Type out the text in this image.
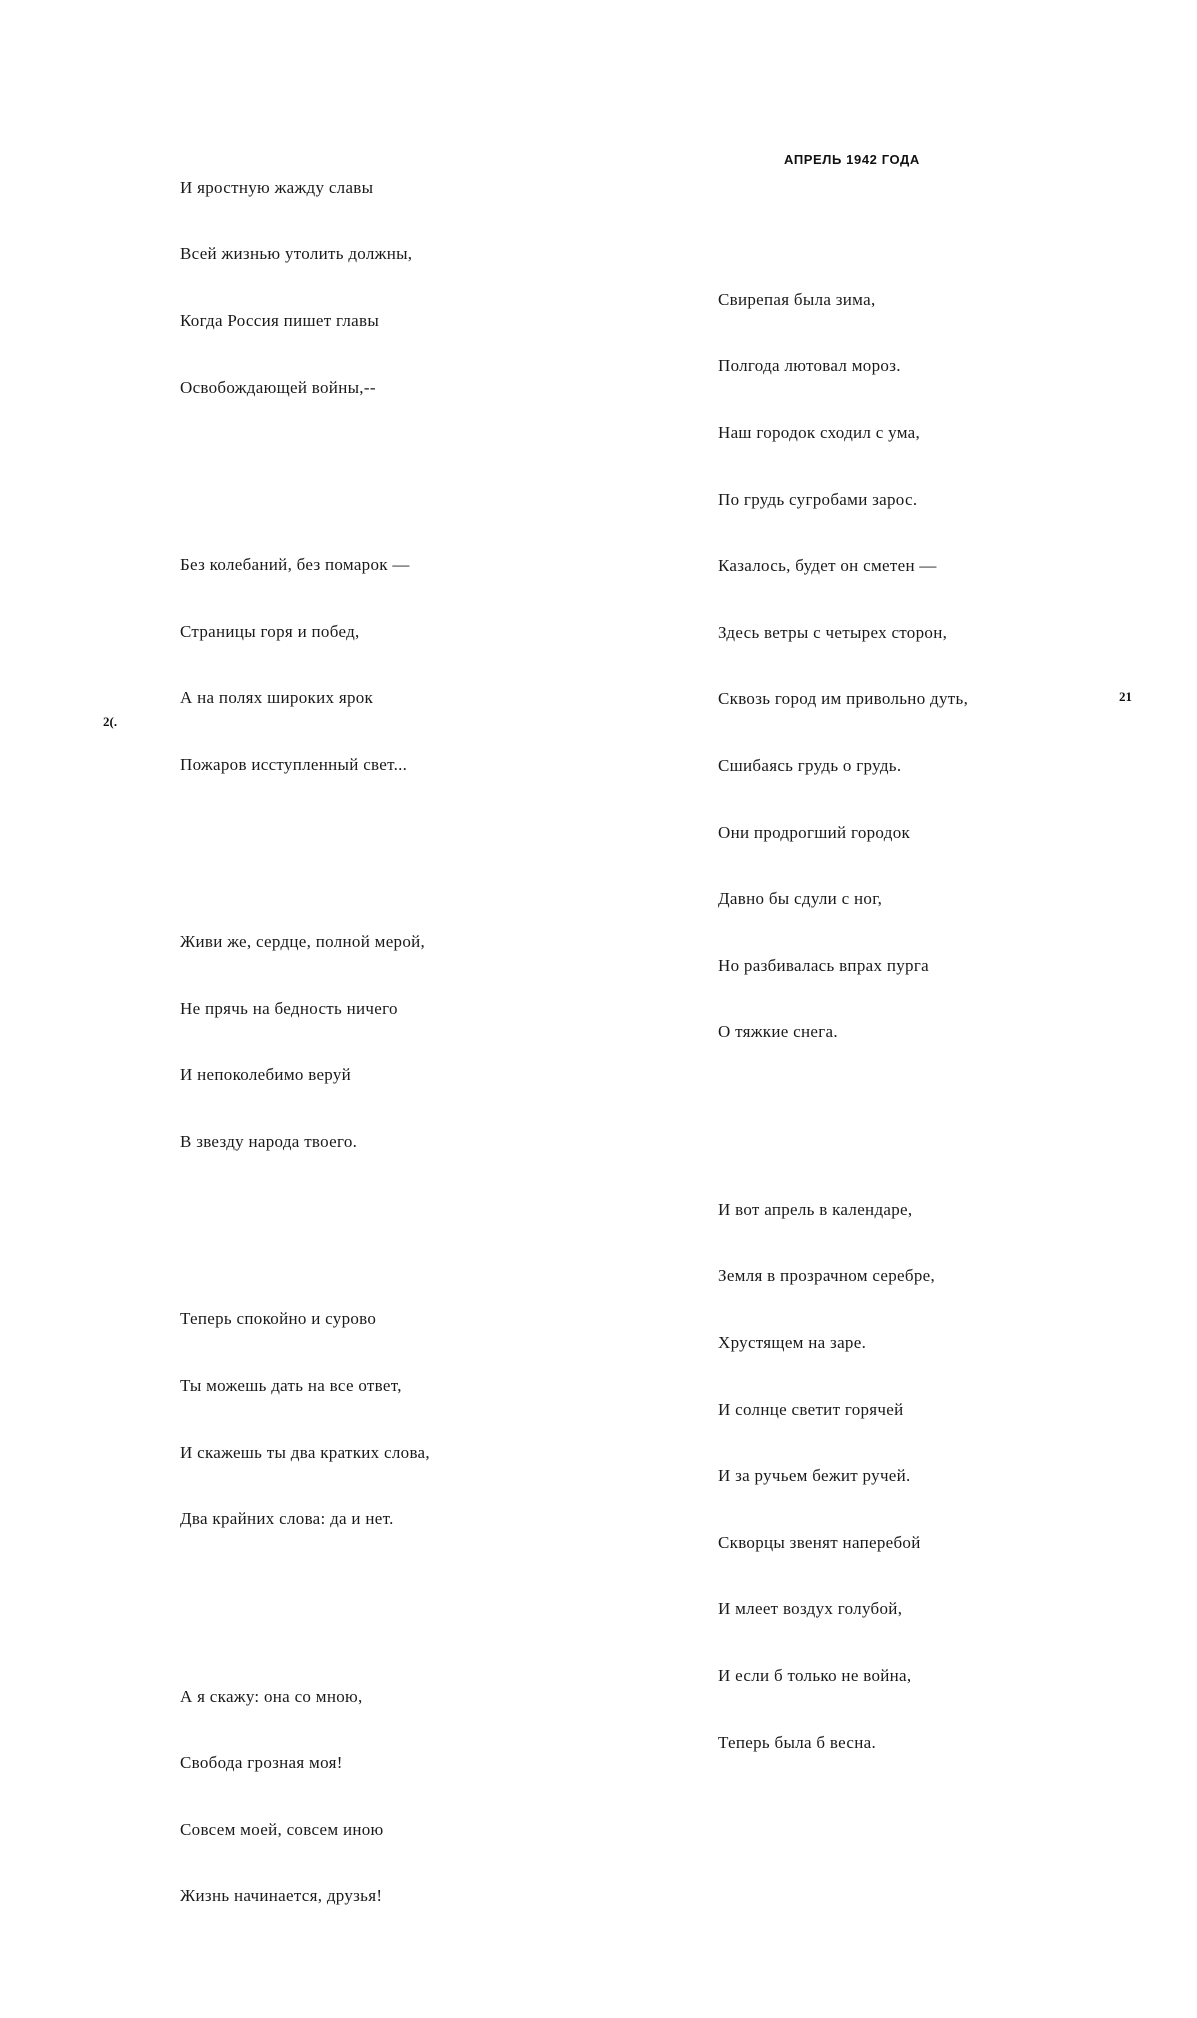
И яростную жажду славы

Всей жизнью утолить должны,

Когда Россия пишет главы

Освобождающей войны,--

Без колебаний, без помарок —

Страницы горя и побед,

А на полях широких ярок

Пожаров исступленный свет...

Живи же, сердце, полной мерой,

Не прячь на бедность ничего

И непоколебимо веруй

В звезду народа твоего.

Теперь спокойно и сурово

Ты можешь дать на все ответ,

И скажешь ты два кратких слова,

Два крайних слова: да и нет.

А я скажу: она со мною,

Свобода грозная моя!

Совсем моей, совсем иною

Жизнь начинается, друзья!

2(.
АПРЕЛЬ 1942 ГОДА

Свирепая была зима,

Полгода лютовал мороз.

Наш городок сходил с ума,

По грудь сугробами зарос.

Казалось, будет он сметен —

Здесь ветры с четырех сторон,

Сквозь город им привольно дуть,

Сшибаясь грудь о грудь.

Они продрогший городок

Давно бы сдули с ног,

Но разбивалась впрах пурга

О тяжкие снега.

И вот апрель в календаре,

Земля в прозрачном серебре,

Хрустящем на заре.

И солнце светит горячей

И за ручьем бежит ручей.

Скворцы звенят наперебой

И млеет воздух голубой,

И если б только не война,

Теперь была б весна.

21
